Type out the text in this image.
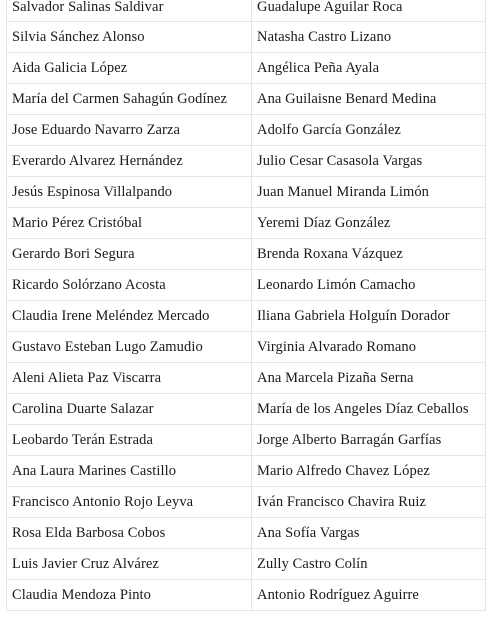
Salvador Salinas Saldivar	Guadalupe Aguilar Roca
Silvia Sánchez Alonso	Natasha Castro Lizano
Aida Galicia López	Angélica Peña Ayala
María del Carmen Sahagún Godínez	Ana Guilaisne Benard Medina
Jose Eduardo Navarro Zarza	Adolfo García González
Everardo Alvarez Hernández	Julio Cesar Casasola Vargas
Jesús Espinosa Villalpando	Juan Manuel Miranda Limón
Mario Pérez Cristóbal	Yeremi Díaz González
Gerardo Bori Segura	Brenda Roxana Vázquez
Ricardo Solórzano Acosta	Leonardo Limón Camacho
Claudia Irene Meléndez Mercado	Iliana Gabriela Holguín Dorador
Gustavo Esteban Lugo Zamudio	Virginia Alvarado Romano
Aleni Alieta Paz Viscarra	Ana Marcela Pizaña Serna
Carolina Duarte Salazar	María de los Angeles Díaz Ceballos
Leobardo Terán Estrada	Jorge Alberto Barragán Garfías
Ana Laura Marines Castillo	Mario Alfredo Chavez López
Francisco Antonio Rojo Leyva	Iván Francisco Chavira Ruiz
Rosa Elda Barbosa Cobos	Ana Sofía Vargas
Luis Javier Cruz Alvárez	Zully Castro Colín
Claudia Mendoza Pinto	Antonio Rodríguez Aguirre
